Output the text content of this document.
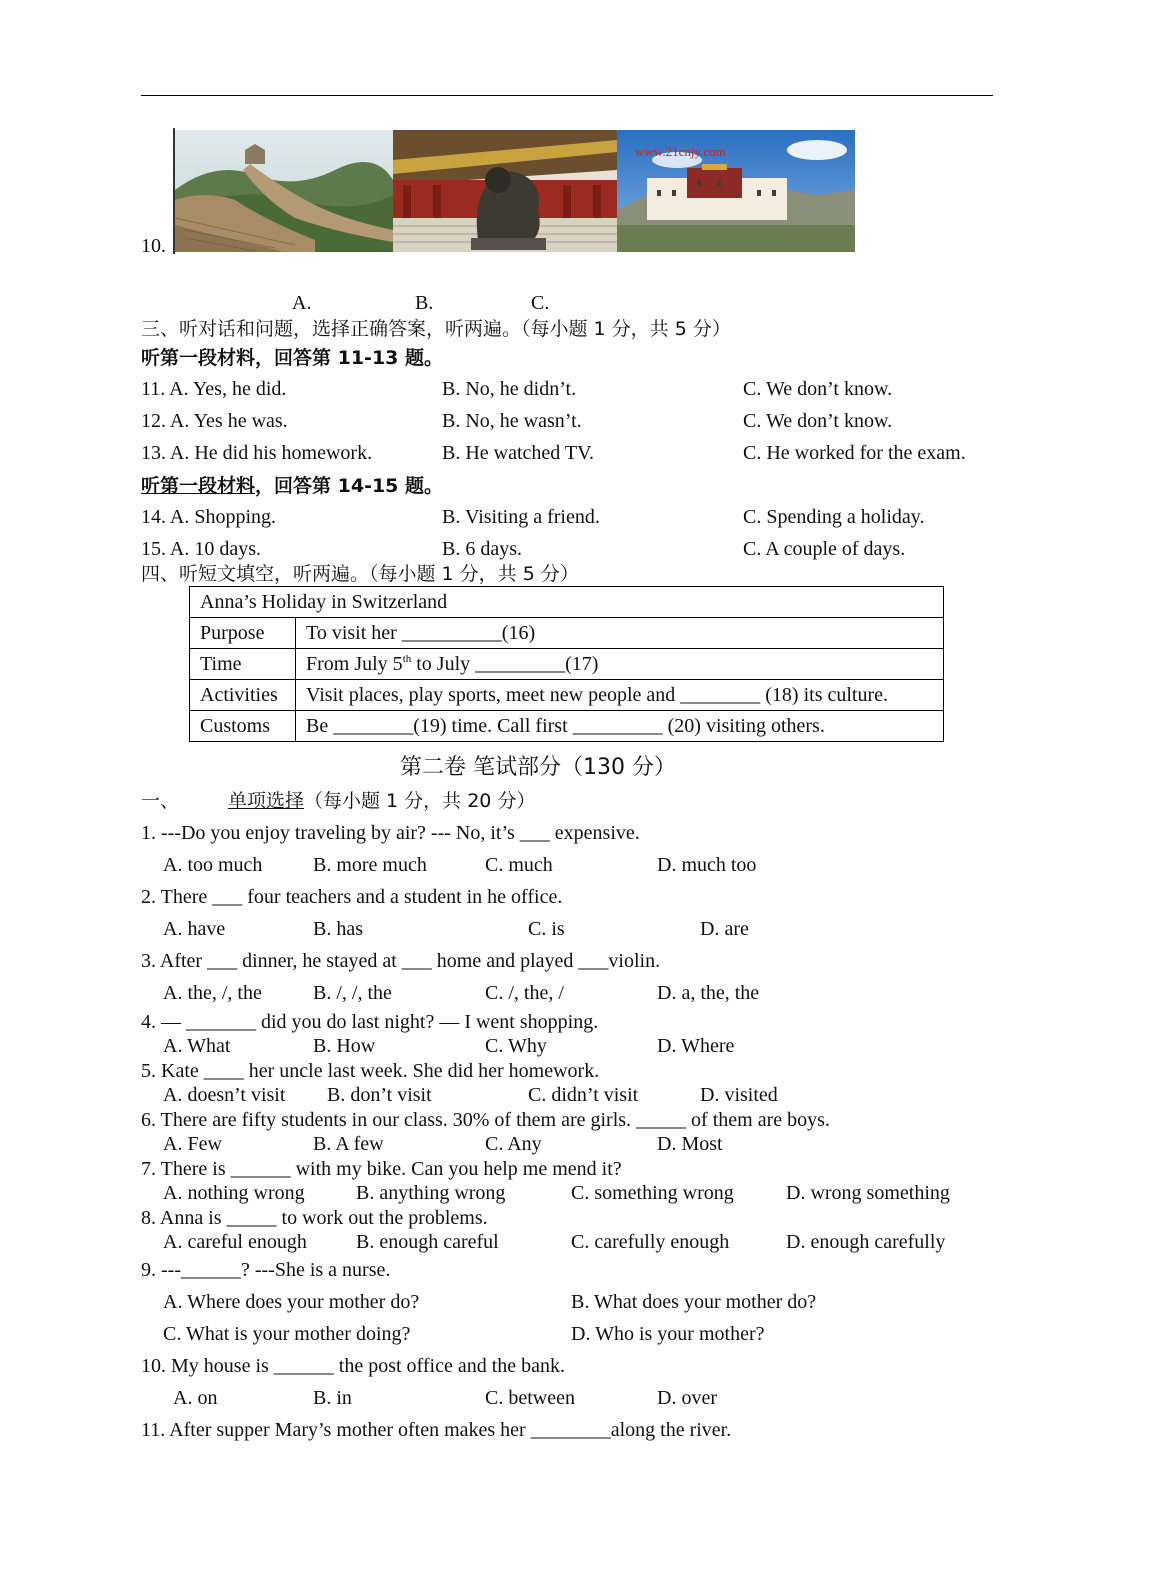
10.
www.21cnjy.com
A.	B.	C.
三、听对话和问题，选择正确答案，听两遍。（每小题 1 分，共 5 分）
听第一段材料，回答第 11-13 题。
11. A. Yes, he did.	B. No, he didn’t.	C. We don’t know.
12. A. Yes he was.	B. No, he wasn’t.	C. We don’t know.
13. A. He did his homework.	B. He watched TV.	C. He worked for the exam.
听第一段材料，回答第 14-15 题。
14. A. Shopping.	B. Visiting a friend.	C. Spending a holiday.
15. A. 10 days.	B. 6 days.	C. A couple of days.
四、听短文填空，听两遍。（每小题 1 分，共 5 分）
Anna’s Holiday in Switzerland	
Purpose	To visit her __________(16)
Time	From July 5th to July _________(17)
Activities	Visit places, play sports, meet new people and ________ (18) its culture.
Customs	Be ________(19) time. Call first _________ (20) visiting others.
第二卷 笔试部分（130 分）
一、	单项选择（每小题 1 分，共 20 分）
1. ---Do you enjoy traveling by air? --- No, it’s ___ expensive.
A. too much	B. more much	C. much	D. much too
2. There ___ four teachers and a student in he office.
A. have	B. has	C. is	D. are
3. After ___ dinner, he stayed at ___ home and played ___violin.
A. the, /, the	B. /, /, the	C. /, the, /	D. a, the, the
4. — _______ did you do last night? — I went shopping.
A. What	B. How	C. Why	D. Where
5. Kate ____ her uncle last week. She did her homework.
A. doesn’t visit B. don’t visit	C. didn’t visit	D. visited
6. There are fifty students in our class. 30% of them are girls. _____ of them are boys.
A. Few	B. A few	C. Any	D. Most
7. There is ______ with my bike. Can you help me mend it?
A. nothing wrong	B. anything wrong	C. something wrong	D. wrong something
8. Anna is _____ to work out the problems.
A. careful enough B. enough careful	C. carefully enough	D. enough carefully
9. ---______? ---She is a nurse.
A. Where does your mother do?	B. What does your mother do?
C. What is your mother doing?	D. Who is your mother?
10. My house is ______ the post office and the bank.
A. on	B. in	C. between	D. over
11. After supper Mary’s mother often makes her ________along the river.
